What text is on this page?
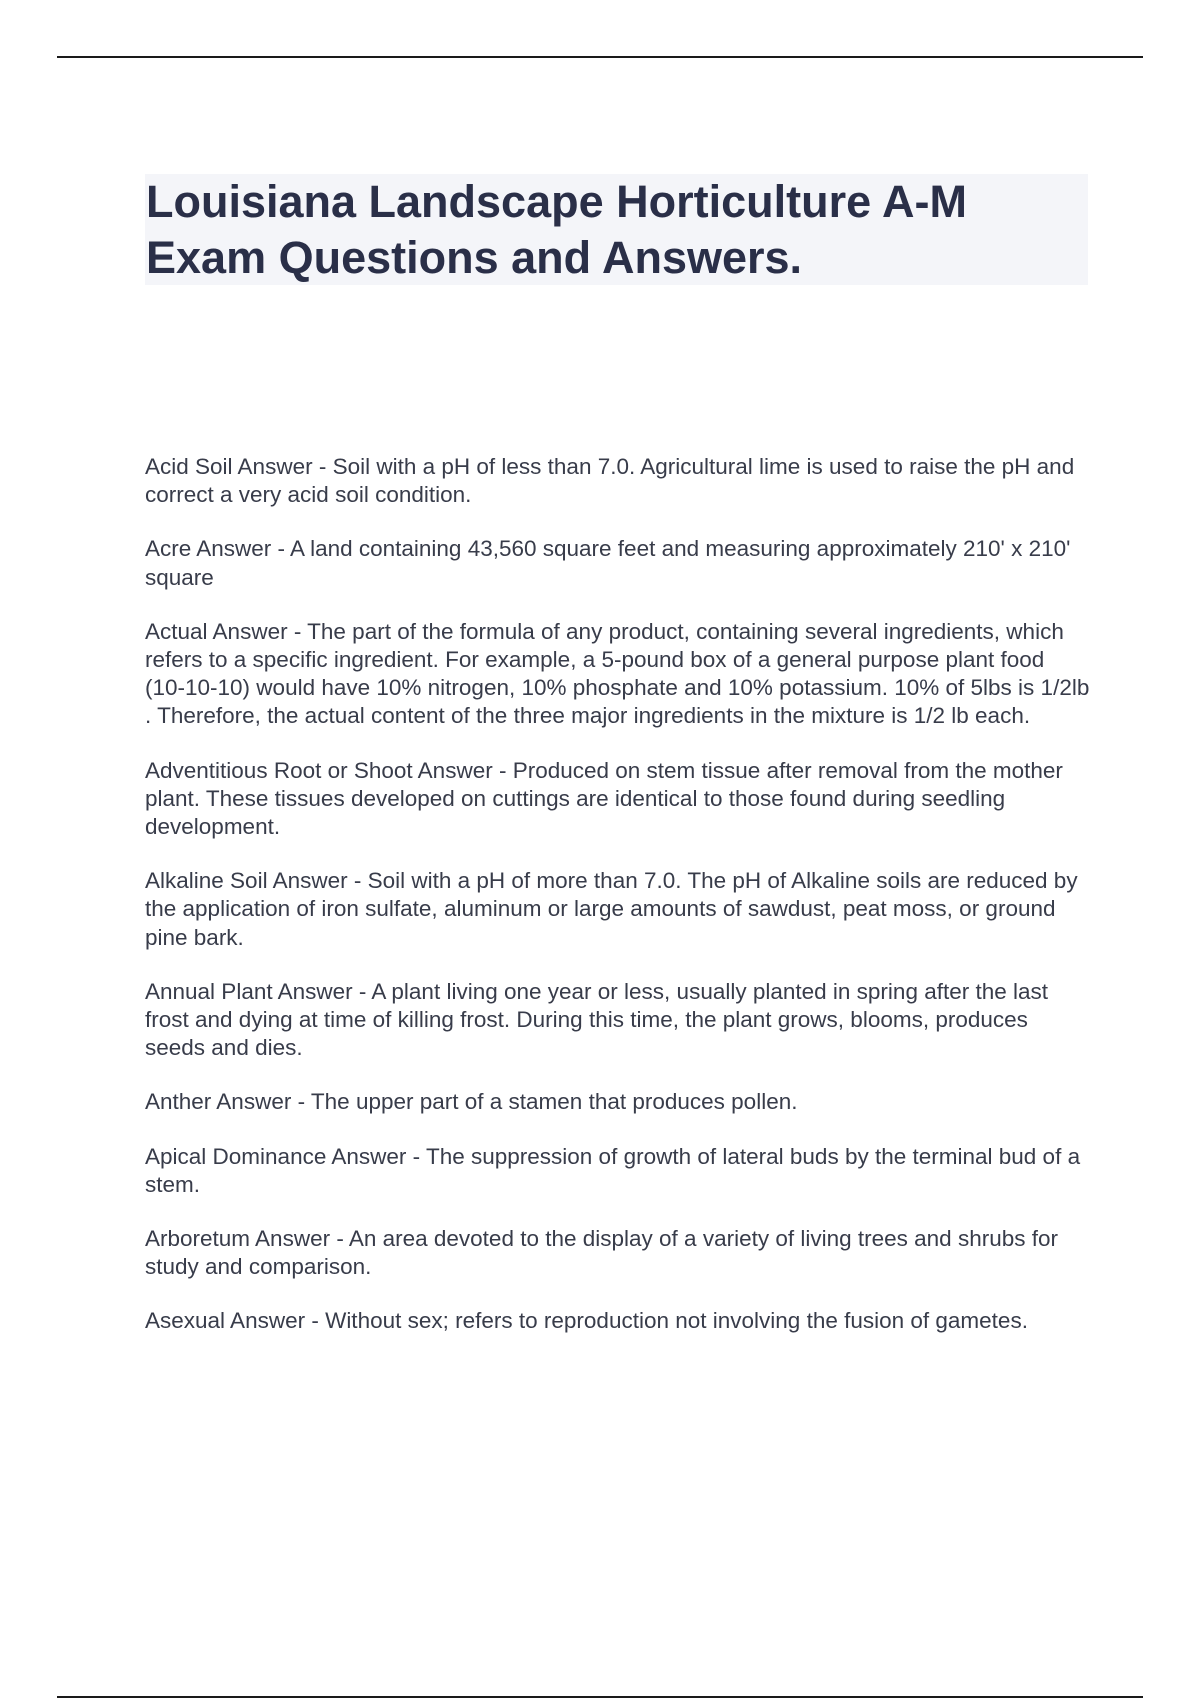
Louisiana Landscape Horticulture A-M Exam Questions and Answers.

Acid Soil Answer - Soil with a pH of less than 7.0. Agricultural lime is used to raise the pH and correct a very acid soil condition.

Acre Answer - A land containing 43,560 square feet and measuring approximately 210' x 210' square

Actual Answer - The part of the formula of any product, containing several ingredients, which refers to a specific ingredient. For example, a 5-pound box of a general purpose plant food (10-10-10) would have 10% nitrogen, 10% phosphate and 10% potassium. 10% of 5lbs is 1/2lb . Therefore, the actual content of the three major ingredients in the mixture is 1/2 lb each.

Adventitious Root or Shoot Answer - Produced on stem tissue after removal from the mother plant. These tissues developed on cuttings are identical to those found during seedling development.

Alkaline Soil Answer - Soil with a pH of more than 7.0. The pH of Alkaline soils are reduced by the application of iron sulfate, aluminum or large amounts of sawdust, peat moss, or ground pine bark.

Annual Plant Answer - A plant living one year or less, usually planted in spring after the last frost and dying at time of killing frost. During this time, the plant grows, blooms, produces seeds and dies.

Anther Answer - The upper part of a stamen that produces pollen.

Apical Dominance Answer - The suppression of growth of lateral buds by the terminal bud of a stem.

Arboretum Answer - An area devoted to the display of a variety of living trees and shrubs for study and comparison.

Asexual Answer - Without sex; refers to reproduction not involving the fusion of gametes.
